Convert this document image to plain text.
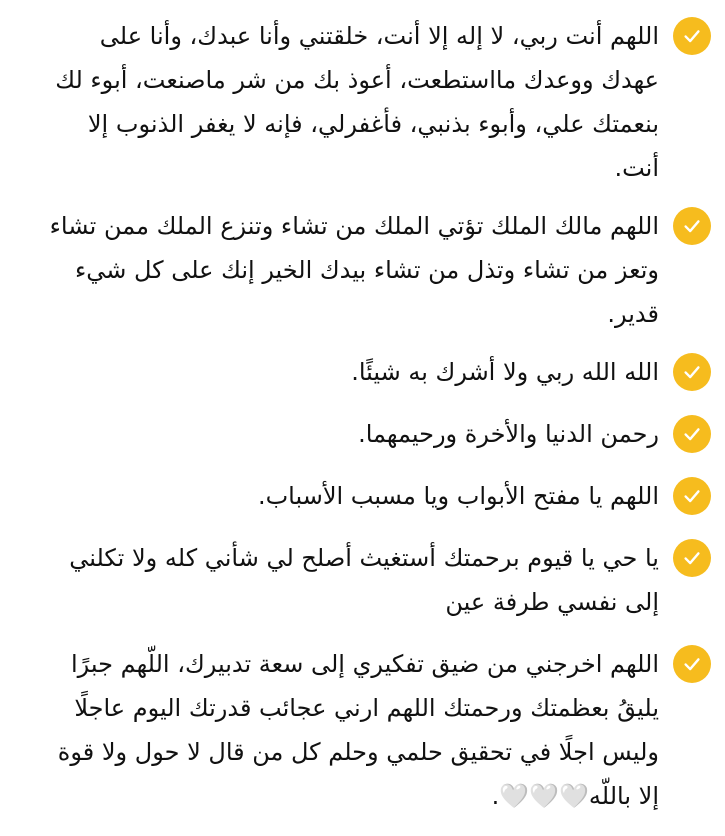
اللهم أنت ربي، لا إله إلا أنت، خلقتني وأنا عبدك، وأنا على عهدك ووعدك مااستطعت، أعوذ بك من شر ماصنعت، أبوء لك بنعمتك علي، وأبوء بذنبي، فأغفرلي، فإنه لا يغفر الذنوب إلا أنت.
اللهم مالك الملك تؤتي الملك من تشاء وتنزع الملك ممن تشاء وتعز من تشاء وتذل من تشاء بيدك الخير إنك على كل شيء قدير.
الله الله ربي ولا أشرك به شيئًا.
رحمن الدنيا والأخرة ورحيمهما.
اللهم يا مفتح الأبواب ويا مسبب الأسباب.
يا حي يا قيوم برحمتك أستغيث أصلح لي شأني كله ولا تكلني إلى نفسي طرفة عين
اللهم اخرجني من ضيق تفكيري إلى سعة تدبيرك، اللّهم جبرًا يليقُ بعظمتك ورحمتك اللهم ارني عجائب قدرتك اليوم عاجلًا وليس اجلًا في تحقيق حلمي وحلم كل من قال لا حول ولا قوة إلا باللّه🤍🤍🤍.
